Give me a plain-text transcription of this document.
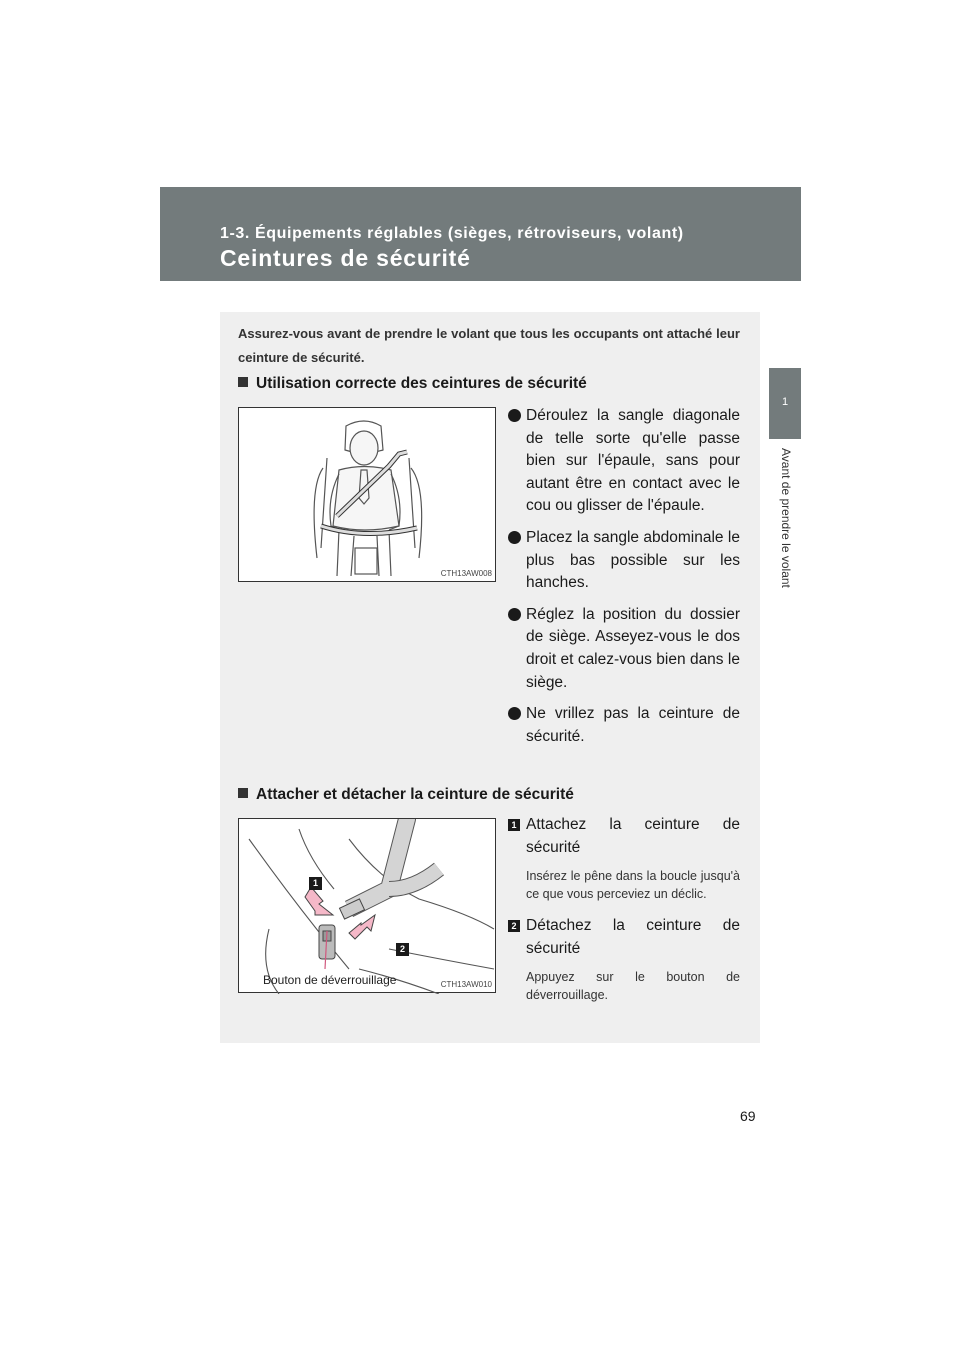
1-3. Équipements réglables (sièges, rétroviseurs, volant)
Ceintures de sécurité
1
Avant de prendre le volant
Assurez-vous avant de prendre le volant que tous les occupants ont attaché leur ceinture de sécurité.
Utilisation correcte des ceintures de sécurité
CTH13AW008
Déroulez la sangle diagonale de telle sorte qu'elle passe bien sur l'épaule, sans pour autant être en contact avec le cou ou glisser de l'épaule.
Placez la sangle abdominale le plus bas possible sur les hanches.
Réglez la position du dossier de siège. Asseyez-vous le dos droit et calez-vous bien dans le siège.
Ne vrillez pas la ceinture de sécurité.
Attacher et détacher la ceinture de sécurité
1
2
Bouton de déverrouillage	CTH13AW010
1 Attachez la ceinture de sécurité
Insérez le pêne dans la boucle jusqu'à ce que vous perceviez un déclic.
2 Détachez la ceinture de sécurité
Appuyez sur le bouton de déverrouillage.
69
